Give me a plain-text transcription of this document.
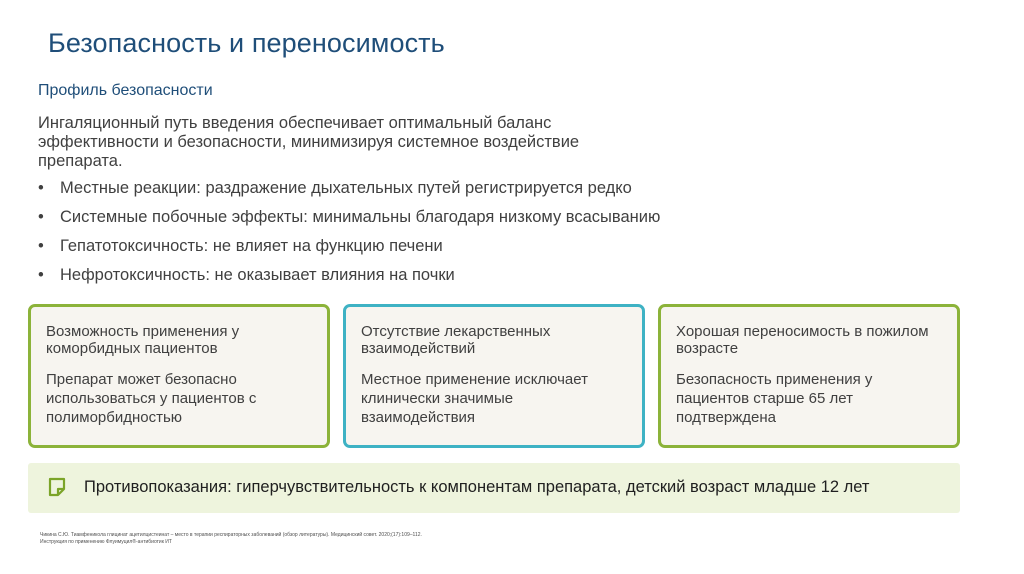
Безопасность и переносимость
Профиль безопасности

Ингаляционный путь введения обеспечивает оптимальный баланс эффективности и безопасности, минимизируя системное воздействие препарата.

• Местные реакции: раздражение дыхательных путей регистрируется редко
• Системные побочные эффекты: минимальны благодаря низкому всасыванию
• Гепатотоксичность: не влияет на функцию печени
• Нефротоксичность: не оказывает влияния на почки
Возможность применения у коморбидных пациентов
Препарат может безопасно использоваться у пациентов с полиморбидностью
Отсутствие лекарственных взаимодействий
Местное применение исключает клинически значимые взаимодействия
Хорошая переносимость в пожилом возрасте
Безопасность применения у пациентов старше 65 лет подтверждена
Противопоказания: гиперчувствительность к компонентам препарата, детский возраст младше 12 лет
Чикина С.Ю. Тиамфеникола глицинат ацетилцистеинат – место в терапии респираторных заболеваний (обзор литературы). Медицинский совет. 2020;(17):109–112.
Инструкция по применению Флуимуцил®-антибиотик ИТ
